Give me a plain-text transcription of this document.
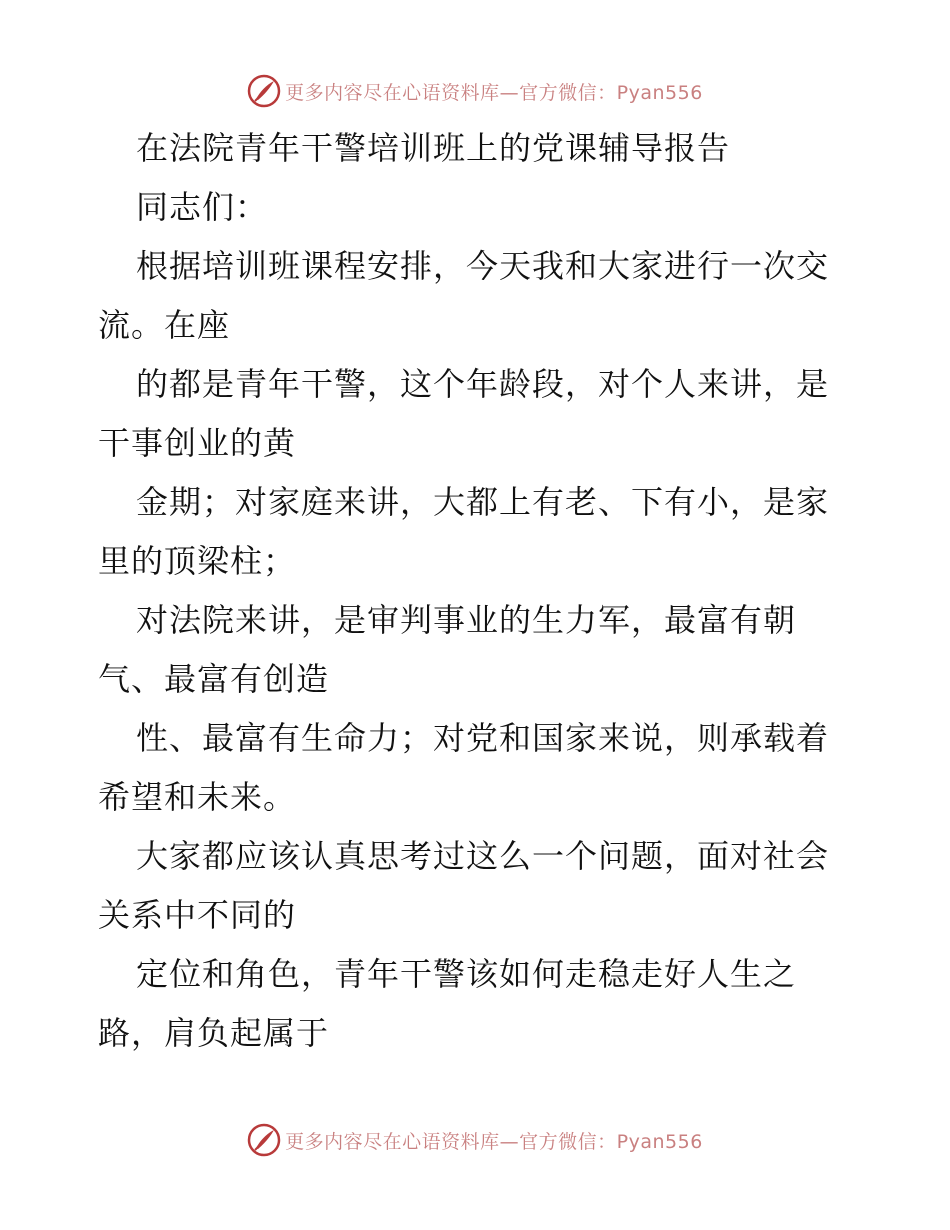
更多内容尽在心语资料库—官方微信：Pyan556
在法院青年干警培训班上的党课辅导报告
同志们：
根据培训班课程安排，今天我和大家进行一次交
流。在座
的都是青年干警，这个年龄段，对个人来讲，是
干事创业的黄
金期；对家庭来讲，大都上有老、下有小，是家
里的顶梁柱；
对法院来讲，是审判事业的生力军，最富有朝
气、最富有创造
性、最富有生命力；对党和国家来说，则承载着
希望和未来。
大家都应该认真思考过这么一个问题，面对社会
关系中不同的
定位和角色，青年干警该如何走稳走好人生之
路，肩负起属于
更多内容尽在心语资料库—官方微信：Pyan556
